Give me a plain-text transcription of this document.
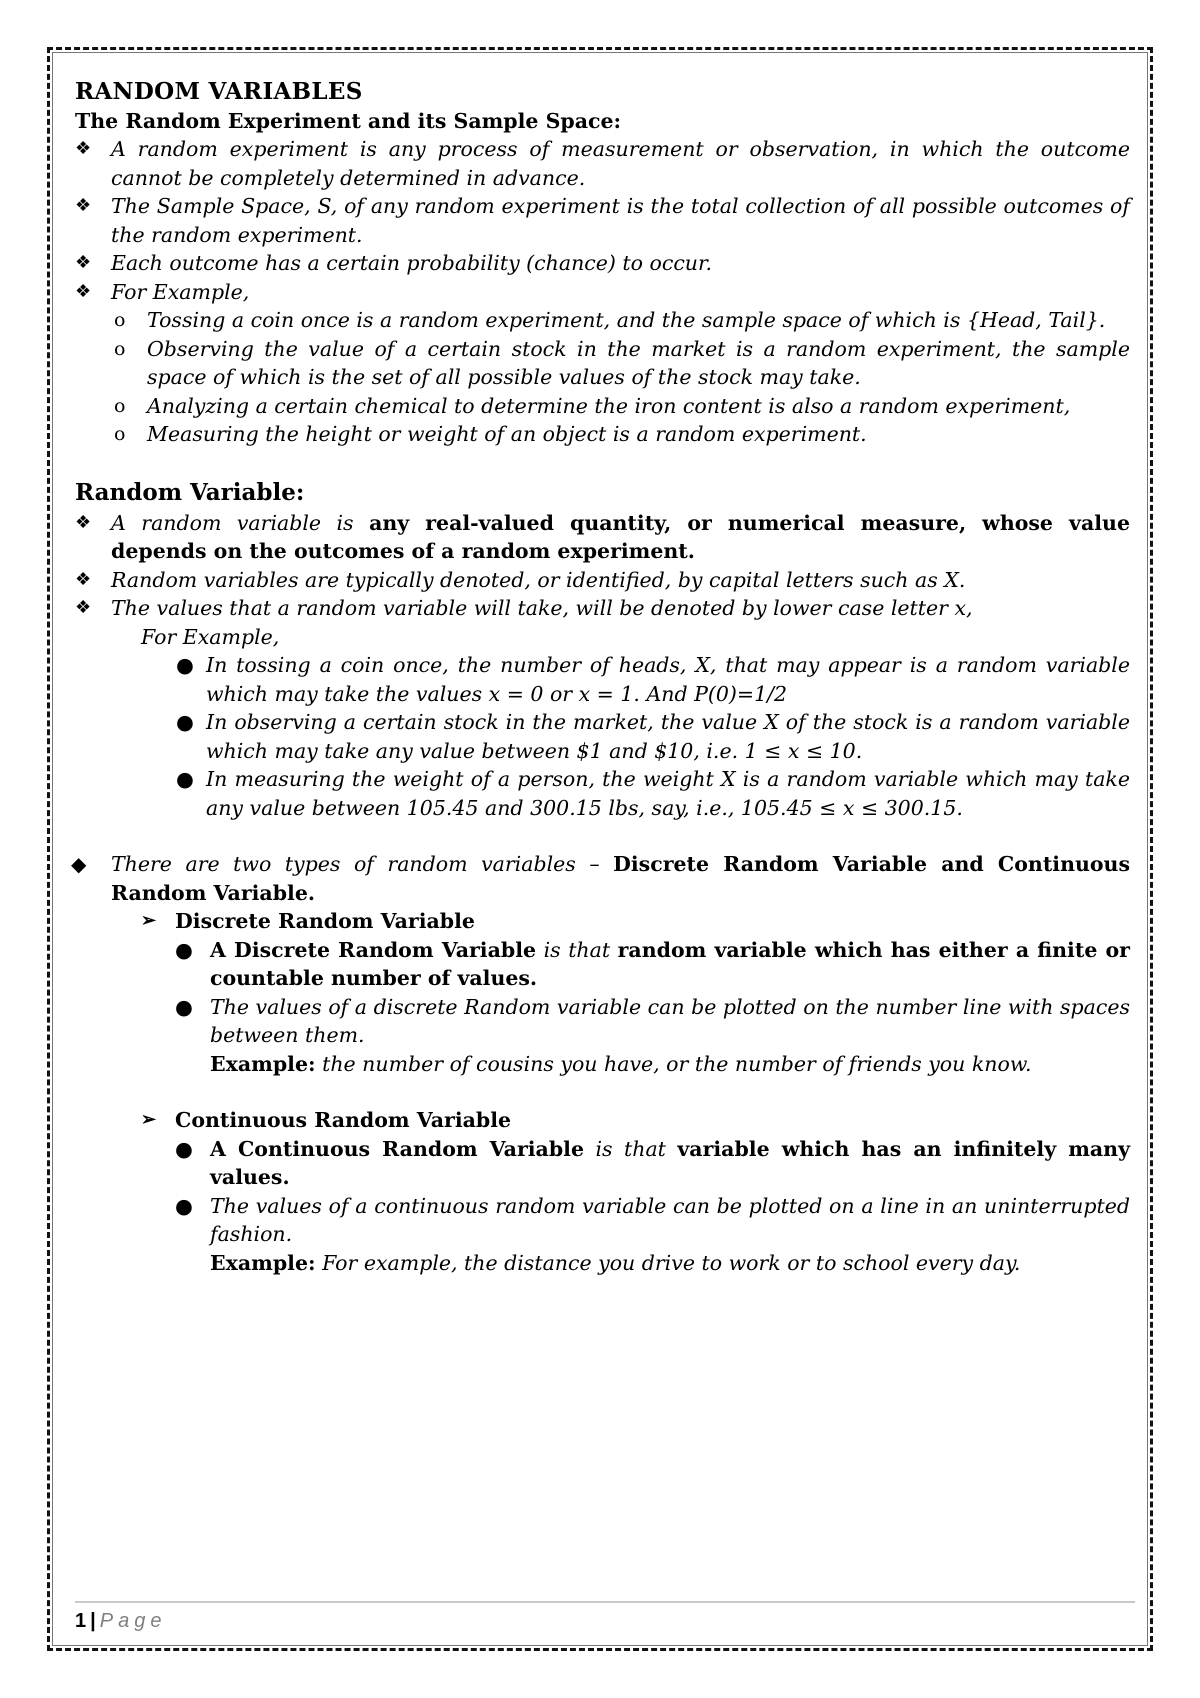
RANDOM VARIABLES
The Random Experiment and its Sample Space:
❖ A random experiment is any process of measurement or observation, in which the outcome cannot be completely determined in advance.
❖ The Sample Space, S, of any random experiment is the total collection of all possible outcomes of the random experiment.
❖ Each outcome has a certain probability (chance) to occur.
❖ For Example,
o Tossing a coin once is a random experiment, and the sample space of which is {Head, Tail}.
o Observing the value of a certain stock in the market is a random experiment, the sample space of which is the set of all possible values of the stock may take.
o Analyzing a certain chemical to determine the iron content is also a random experiment,
o Measuring the height or weight of an object is a random experiment.
Random Variable:
❖ A random variable is any real-valued quantity, or numerical measure, whose value depends on the outcomes of a random experiment.
❖ Random variables are typically denoted, or identified, by capital letters such as X.
❖ The values that a random variable will take, will be denoted by lower case letter x,
For Example,
● In tossing a coin once, the number of heads, X, that may appear is a random variable which may take the values x = 0 or x = 1. And P(0)=1/2
● In observing a certain stock in the market, the value X of the stock is a random variable which may take any value between $1 and $10, i.e. 1 ≤ x ≤ 10.
● In measuring the weight of a person, the weight X is a random variable which may take any value between 105.45 and 300.15 lbs, say, i.e., 105.45 ≤ x ≤ 300.15.
◆ There are two types of random variables – Discrete Random Variable and Continuous Random Variable.
➢ Discrete Random Variable
● A Discrete Random Variable is that random variable which has either a finite or countable number of values.
● The values of a discrete Random variable can be plotted on the number line with spaces between them.
Example: the number of cousins you have, or the number of friends you know.
➢ Continuous Random Variable
● A Continuous Random Variable is that variable which has an infinitely many values.
● The values of a continuous random variable can be plotted on a line in an uninterrupted fashion.
Example: For example, the distance you drive to work or to school every day.
1 | Page
